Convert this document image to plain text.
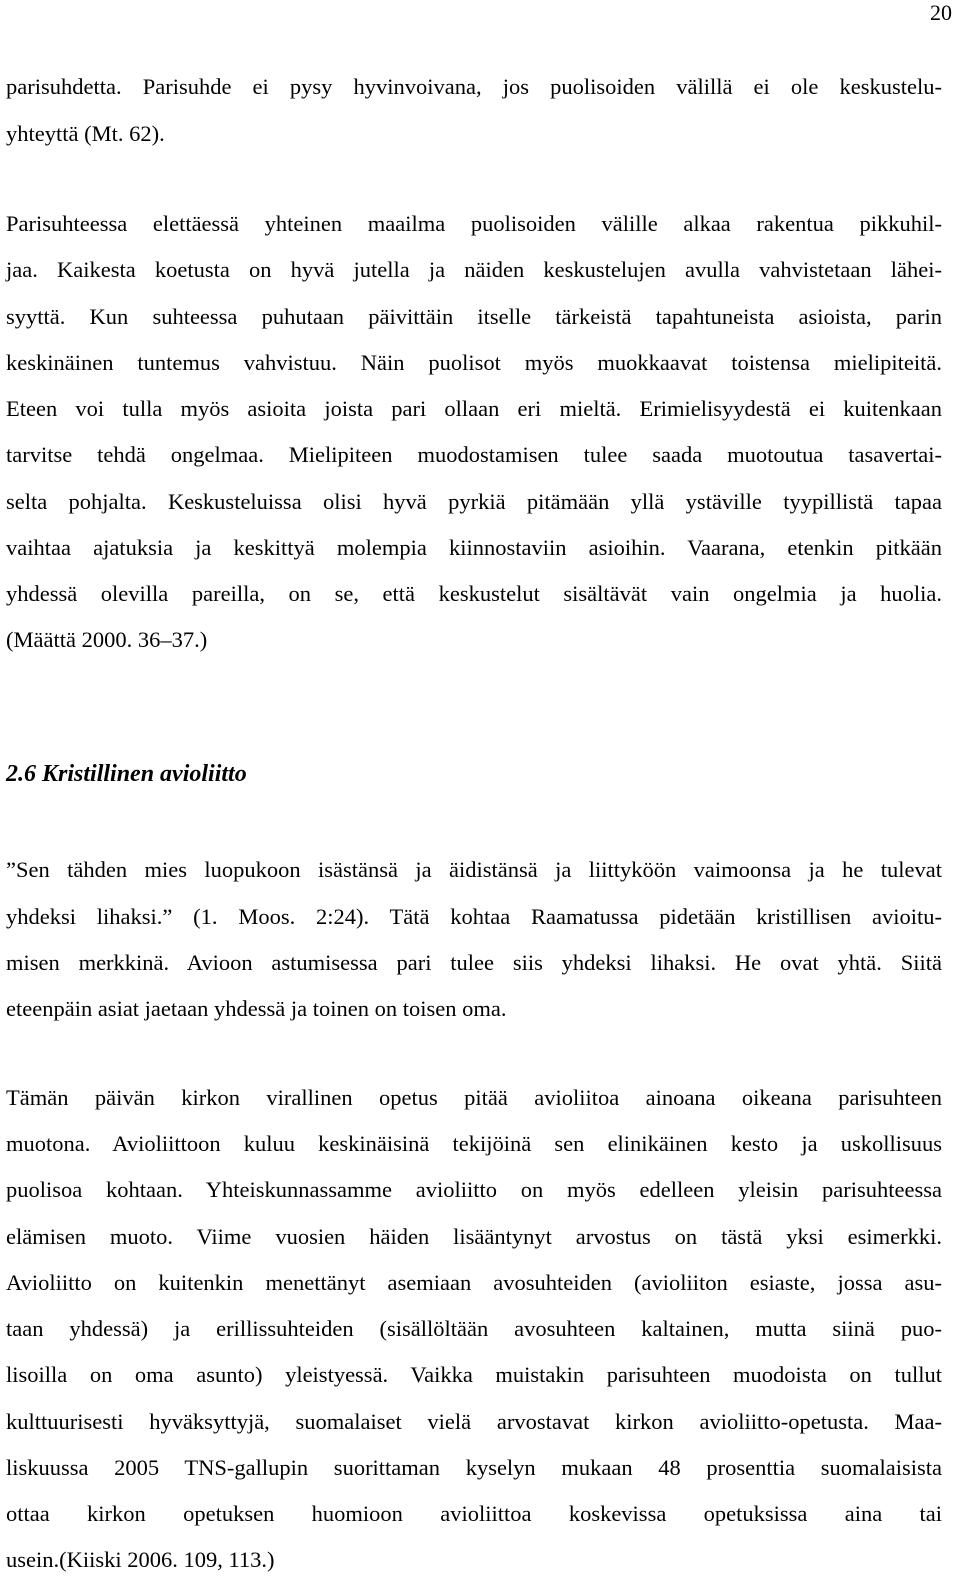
20
parisuhdetta. Parisuhde ei pysy hyvinvoivana, jos puolisoiden välillä ei ole keskustelu-
yhteyttä (Mt. 62).
Parisuhteessa elettäessä yhteinen maailma puolisoiden välille alkaa rakentua pikkuhil-
jaa. Kaikesta koetusta on hyvä jutella ja näiden keskustelujen avulla vahvistetaan lähei-
syyttä. Kun suhteessa puhutaan päivittäin itselle tärkeistä tapahtuneista asioista, parin
keskinäinen tuntemus vahvistuu. Näin puolisot myös muokkaavat toistensa mielipiteitä.
Eteen voi tulla myös asioita joista pari ollaan eri mieltä. Erimielisyydestä ei kuitenkaan
tarvitse tehdä ongelmaa. Mielipiteen muodostamisen tulee saada muotoutua tasavertai-
selta pohjalta. Keskusteluissa olisi hyvä pyrkiä pitämään yllä ystäville tyypillistä tapaa
vaihtaa ajatuksia ja keskittyä molempia kiinnostaviin asioihin. Vaarana, etenkin pitkään
yhdessä olevilla pareilla, on se, että keskustelut sisältävät vain ongelmia ja huolia.
(Määttä 2000. 36–37.)
2.6 Kristillinen avioliitto
”Sen tähden mies luopukoon isästänsä ja äidistänsä ja liittyköön vaimoonsa ja he tulevat
yhdeksi lihaksi.” (1. Moos. 2:24). Tätä kohtaa Raamatussa pidetään kristillisen avioitu-
misen merkkinä. Avioon astumisessa pari tulee siis yhdeksi lihaksi. He ovat yhtä. Siitä
eteenpäin asiat jaetaan yhdessä ja toinen on toisen oma.
Tämän päivän kirkon virallinen opetus pitää avioliitoa ainoana oikeana parisuhteen
muotona. Avioliittoon kuluu keskinäisinä tekijöinä sen elinikäinen kesto ja uskollisuus
puolisoa kohtaan. Yhteiskunnassamme avioliitto on myös edelleen yleisin parisuhteessa
elämisen muoto. Viime vuosien häiden lisääntynyt arvostus on tästä yksi esimerkki.
Avioliitto on kuitenkin menettänyt asemiaan avosuhteiden (avioliiton esiaste, jossa asu-
taan yhdessä) ja erillissuhteiden (sisällöltään avosuhteen kaltainen, mutta siinä puo-
lisoilla on oma asunto) yleistyessä. Vaikka muistakin parisuhteen muodoista on tullut
kulttuurisesti hyväksyttyjä, suomalaiset vielä arvostavat kirkon avioliitto-opetusta. Maa-
liskuussa 2005 TNS-gallupin suorittaman kyselyn mukaan 48 prosenttia suomalaisista
ottaa kirkon opetuksen huomioon avioliittoa koskevissa opetuksissa aina tai
usein.(Kiiski 2006. 109, 113.)
